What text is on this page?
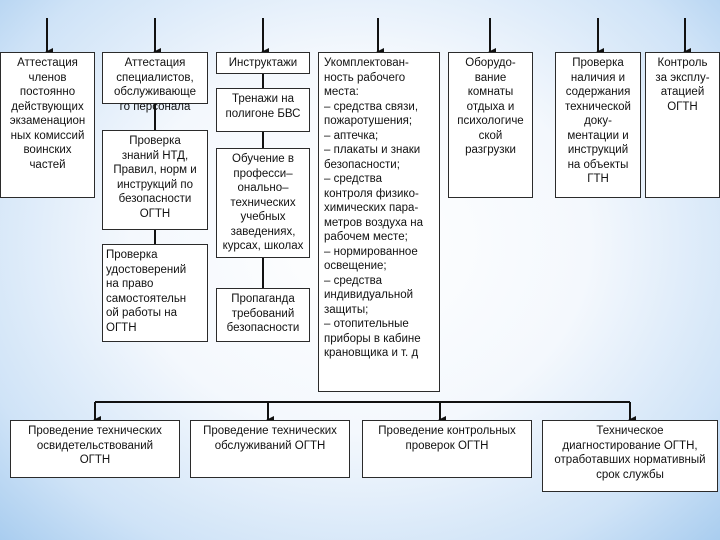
Аттестация
членов
постоянно
действующих
экзаменацион
ных комиссий
воинских
частей
Аттестация
специалистов,
обслуживающе
го персонала
Проверка
знаний НТД,
Правил, норм и
инструкций по
безопасности
ОГТН
Проверка
удостоверений
на право
самостоятельн
ой работы на
ОГТН
Инструктажи
Тренажи на
полигоне БВС
Обучение в
професси–
онально–
технических
учебных
заведениях,
курсах, школах
Пропаганда
требований
безопасности
Укомплектован-
ность рабочего
места:
– средства связи,
пожаротушения;
– аптечка;
– плакаты и знаки
безопасности;
– средства
контроля физико-
химических пара-
метров воздуха на
рабочем месте;
– нормированное
освещение;
– средства
индивидуальной
защиты;
– отопительные
приборы в кабине
крановщика и т. д
Оборудо-
вание
комнаты
отдыха и
психологиче
ской
разгрузки
Проверка
наличия и
содержания
технической
доку-
ментации и
инструкций
на объекты
ГТН
Контроль
за эксплу-
атацией
ОГТН
Проведение технических
освидетельствований
ОГТН
Проведение технических
обслуживаний ОГТН
Проведение контрольных
проверок ОГТН
Техническое
диагностирование ОГТН,
отработавших нормативный
срок службы
